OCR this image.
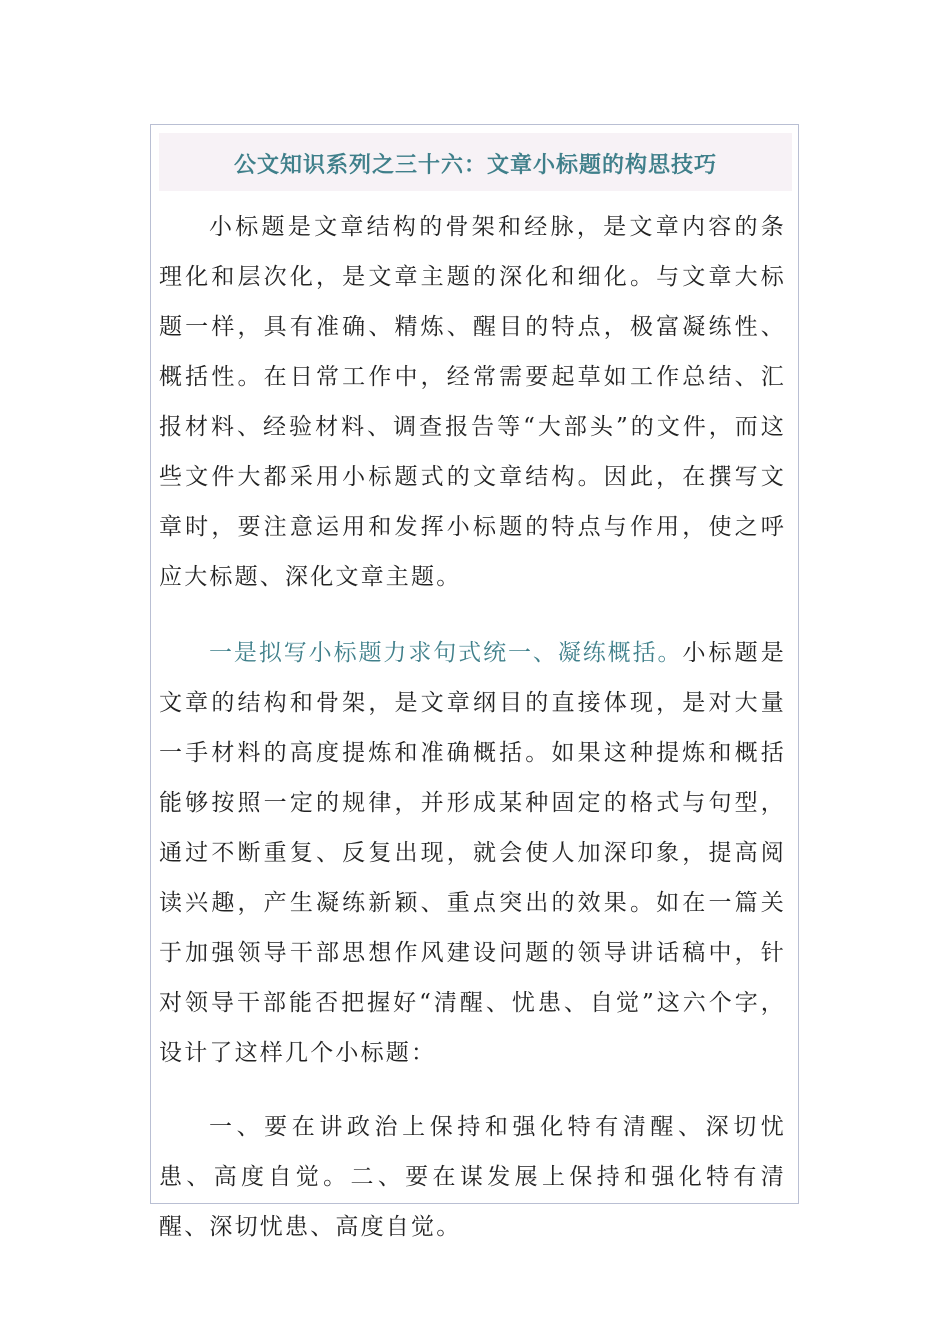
公文知识系列之三十六：文章小标题的构思技巧

小标题是文章结构的骨架和经脉，是文章内容的条理化和层次化，是文章主题的深化和细化。与文章大标题一样，具有准确、精炼、醒目的特点，极富凝练性、概括性。在日常工作中，经常需要起草如工作总结、汇报材料、经验材料、调查报告等“大部头”的文件，而这些文件大都采用小标题式的文章结构。因此，在撰写文章时，要注意运用和发挥小标题的特点与作用，使之呼应大标题、深化文章主题。

一是拟写小标题力求句式统一、凝练概括。小标题是文章的结构和骨架，是文章纲目的直接体现，是对大量一手材料的高度提炼和准确概括。如果这种提炼和概括能够按照一定的规律，并形成某种固定的格式与句型，通过不断重复、反复出现，就会使人加深印象，提高阅读兴趣，产生凝练新颖、重点突出的效果。如在一篇关于加强领导干部思想作风建设问题的领导讲话稿中，针对领导干部能否把握好“清醒、忧患、自觉”这六个字，设计了这样几个小标题：

一、要在讲政治上保持和强化特有清醒、深切忧患、高度自觉。二、要在谋发展上保持和强化特有清醒、深切忧患、高度自觉。
